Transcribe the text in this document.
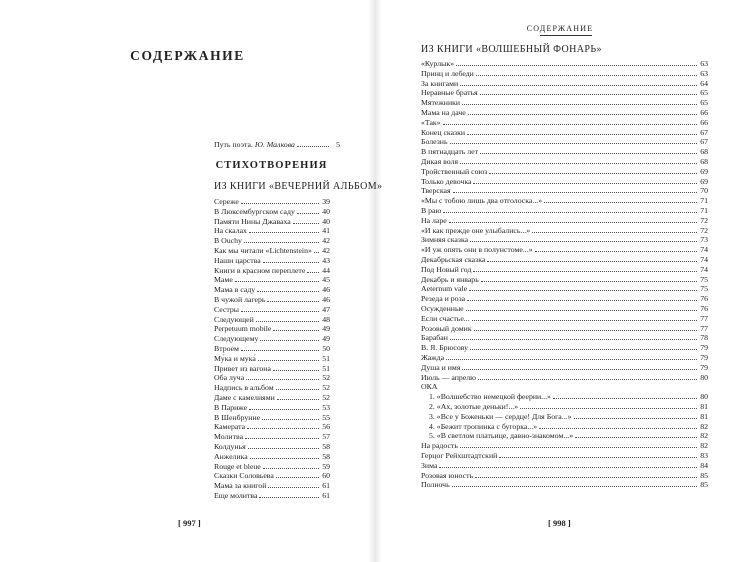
СОДЕРЖАНИЕ
Путь поэта. Ю. Малкова	5
СТИХОТВОРЕНИЯ
ИЗ КНИГИ «ВЕЧЕРНИЙ АЛЬБОМ»
Сереже	39
В Люксембургском саду	40
Памяти Нины Джаваха	40
На скалах	41
В Ouchy	42
Как мы читали «Lichtenstein» 42
Наши царства	43
Книги в красном переплете 44
Маме	45
Мама в саду	46
В чужой лагерь	46
Сестры	47
Следующей	48
Perpetuum mobile	49
Следующему	49
Втроем	50
Му́ка и мука́	51
Привет из вагона	51
Оба луча	52
Надпись в альбом	52
Даме с камелиями	52
В Париже	53
В Шенбрунне	55
Камерата	56
Молитва	57
Колдунья	58
Анжелика	58
Rouge et bleue	59
Сказки Соловьева	60
Мама за книгой	61
Еще молитва	61
[ 997 ]
СОДЕРЖАНИЕ
ИЗ КНИГИ «ВОЛШЕБНЫЙ ФОНАРЬ»
«Курлык»	63
Принц и лебеди	63
За книгами	64
Неравные братья	65
Мятежники	65
Мама на даче	66
«Так»	66
Конец сказки	67
Болезнь	67
В пятнадцать лет	68
Дикая воля	68
Тройственный союз	69
Только девочка	69
Тверская	70
«Мы с тобою лишь два отголоска...»	71
В раю	71
На ларе	72
«И как прежде оне улыбались...»	72
Зимняя сказка	73
«И уж опять они в полунстоме...»	74
Декабрьская сказка	74
Под Новый год	74
Декабрь и январь	75
Aeternum vale	75
Резеда и роза	76
Осужденные	76
Если счастье...	77
Розовый домик	77
Барабан	78
В. Я. Брюсову	79
Жажда	79
Душа и имя	79
Июль — апрелю	80
ОКА
1. «Волшебство немецкой феерии...»	80
2. «Ах, золотые деньки!...»	81
3. «Все у Боженьки — сердце! Для Бога...»	81
4. «Бежит тропинка с бугорка...»	82
5. «В светлом платьице, давно-знакомом...»	82
На радость	82
Герцог Рейхштадтский	83
Зима	84
Розовая юность	85
Полночь	85
[ 998 ]
